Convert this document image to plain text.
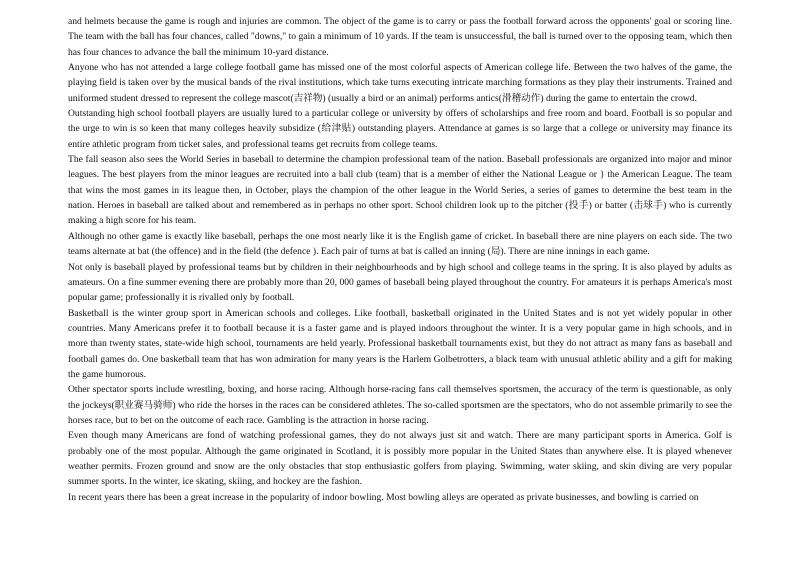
and helmets because the game is rough and injuries are common. The object of the game is to carry or pass the football forward across the opponents' goal or scoring line. The team with the ball has four chances, called "downs," to gain a minimum of 10 yards. If the team is unsuccessful, the ball is turned over to the opposing team, which then has four chances to advance the ball the minimum 10-yard distance.

Anyone who has not attended a large college football game has missed one of the most colorful aspects of American college life. Between the two halves of the game, the playing field is taken over by the musical bands of the rival institutions, which take turns executing intricate marching formations as they play their instruments. Trained and uniformed student dressed to represent the college mascot(吉祥物) (usually a bird or an animal) performs antics(滑稽动作) during the game to entertain the crowd.

Outstanding high school football players are usually lured to a particular college or university by offers of scholarships and free room and board. Football is so popular and the urge to win is so keen that many colleges heavily subsidize (给津贴) outstanding players. Attendance at games is so large that a college or university may finance its entire athletic program from ticket sales, and professional teams get recruits from college teams.

The fall season also sees the World Series in baseball to determine the champion professional team of the nation. Baseball professionals are organized into major and minor leagues. The best players from the minor leagues are recruited into a ball club (team) that is a member of either the National League or } the American League. The team that wins the most games in its league then, in October, plays the champion of the other league in the World Series, a series of games to determine the best team in the nation. Heroes in baseball are talked about and remembered as in perhaps no other sport. School children look up to the pitcher (投手) or batter (击球手) who is currently making a high score for his team.

Although no other game is exactly like baseball, perhaps the one most nearly like it is the English game of cricket. In baseball there are nine players on each side. The two teams alternate at bat (the offence) and in the field (the defence ). Each pair of turns at bat is called an inning (局). There are nine innings in each game.

Not only is baseball played by professional teams but by children in their neighbourhoods and by high school and college teams in the spring. It is also played by adults as amateurs. On a fine summer evening there are probably more than 20, 000 games of baseball being played throughout the country. For amateurs it is perhaps America's most popular game; professionally it is rivalled only by football.

Basketball is the winter group sport in American schools and colleges. Like football, basketball originated in the United States and is not yet widely popular in other countries. Many Americans prefer it to football because it is a faster game and is played indoors throughout the winter. It is a very popular game in high schools, and in more than twenty states, state-wide high school, tournaments are held yearly. Professional basketball tournaments exist, but they do not attract as many fans as baseball and football games do. One basketball team that has won admiration for many years is the Harlem Golbetrotters, a black team with unusual athletic ability and a gift for making the game humorous.

Other spectator sports include wrestling, boxing, and horse racing. Although horse-racing fans call themselves sportsmen, the accuracy of the term is questionable, as only the jockeys(职业赛马骑师) who ride the horses in the races can be considered athletes. The so-called sportsmen are the spectators, who do not assemble primarily to see the horses race, but to bet on the outcome of each race. Gambling is the attraction in horse racing.

Even though many Americans are fond of watching professional games, they do not always just sit and watch. There are many participant sports in America. Golf is probably one of the most popular. Although the game originated in Scotland, it is possibly more popular in the United States than anywhere else. It is played whenever weather permits. Frozen ground and snow are the only obstacles that stop enthusiastic golfers from playing. Swimming, water skiing, and skin diving are very popular summer sports. In the winter, ice skating, skiing, and hockey are the fashion.

In recent years there has been a great increase in the popularity of indoor bowling. Most bowling alleys are operated as private businesses, and bowling is carried on
